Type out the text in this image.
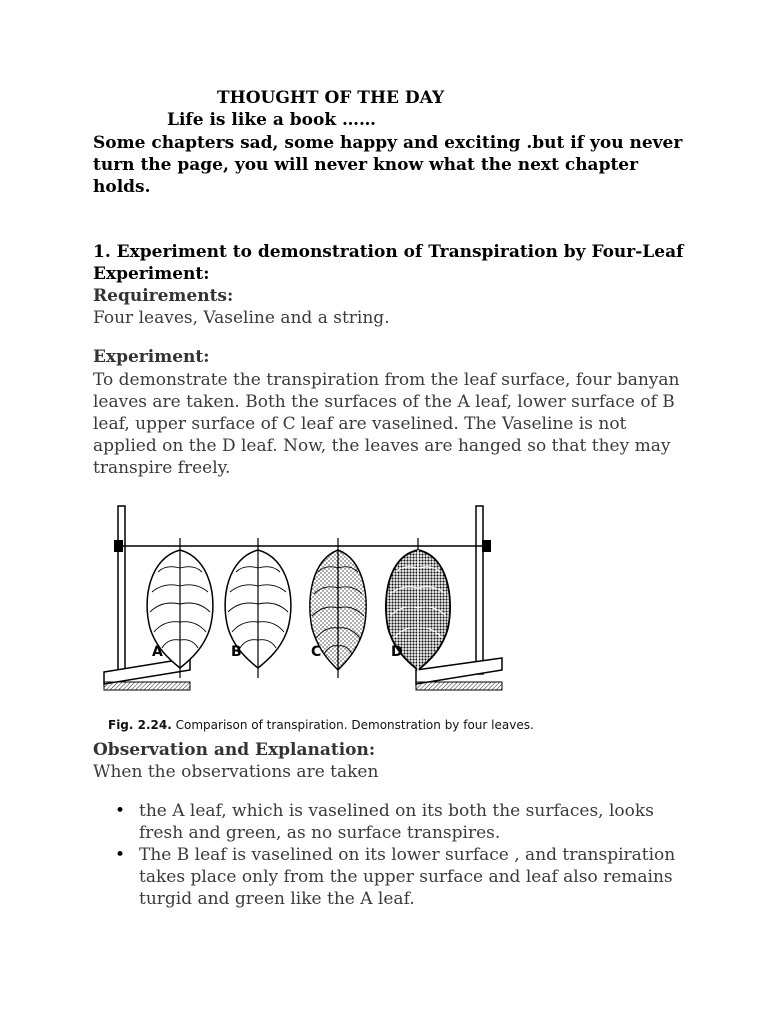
THOUGHT OF THE DAY
Life is like a book ……
Some chapters sad, some happy and exciting .but if you never turn the page, you will never know what the next chapter holds.
1. Experiment to demonstration of Transpiration by Four-Leaf Experiment:
Requirements:
Four leaves, Vaseline and a string.
Experiment:
To demonstrate the transpiration from the leaf surface, four banyan leaves are taken. Both the surfaces of the A leaf, lower surface of B leaf, upper surface of C leaf are vaselined. The Vaseline is not applied on the D leaf. Now, the leaves are hanged so that they may transpire freely.
A	B	C	D
Fig. 2.24. Comparison of transpiration. Demonstration by four leaves.
Observation and Explanation:
When the observations are taken
• the A leaf, which is vaselined on its both the surfaces, looks fresh and green, as no surface transpires.
• The B leaf is vaselined on its lower surface , and transpiration takes place only from the upper surface and leaf also remains turgid and green like the A leaf.
